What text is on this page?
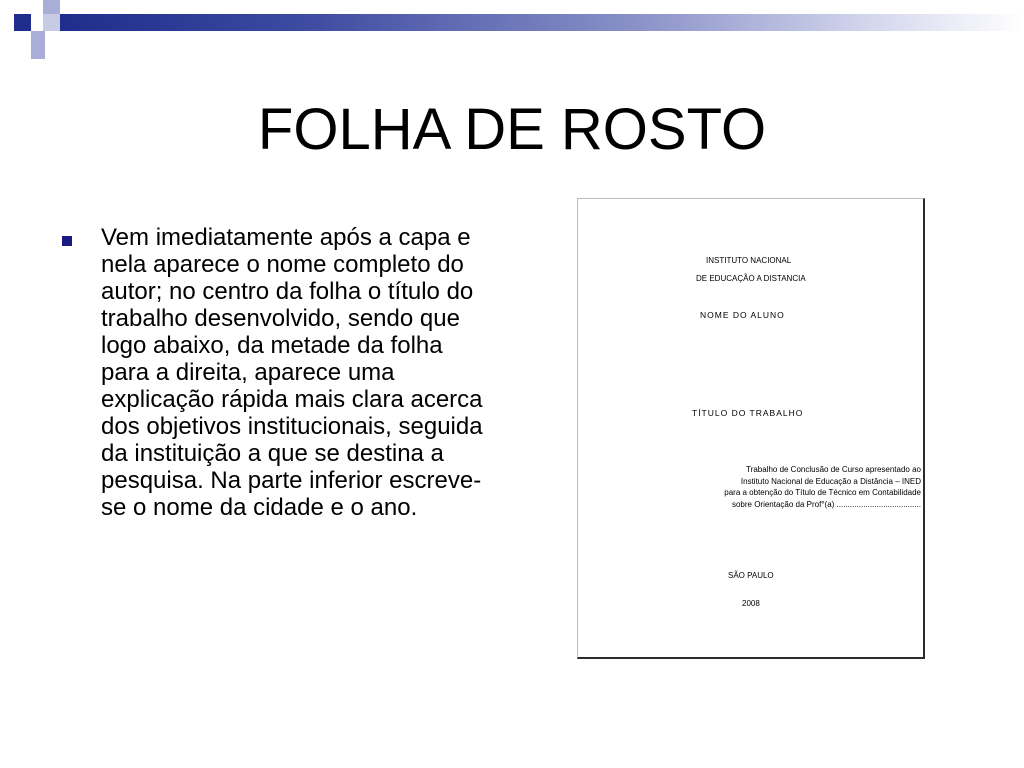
FOLHA DE ROSTO

Vem imediatamente após a capa e nela aparece o nome completo do autor; no centro da folha o título do trabalho desenvolvido, sendo que logo abaixo, da metade da folha para a direita, aparece uma explicação rápida mais clara acerca dos objetivos institucionais, seguida da instituição a que se destina a pesquisa. Na parte inferior escreve-se o nome da cidade e o ano.

INSTITUTO NACIONAL

DE EDUCAÇÃO A DISTANCIA

NOME DO ALUNO

TÍTULO DO TRABALHO

Trabalho de Conclusão de Curso apresentado ao
Instituto Nacional de Educação a Distância – INED
para a obtenção do Título de Técnico em Contabilidade
sobre Orientação da Prof°(a) ......................................

SÃO PAULO

2008
